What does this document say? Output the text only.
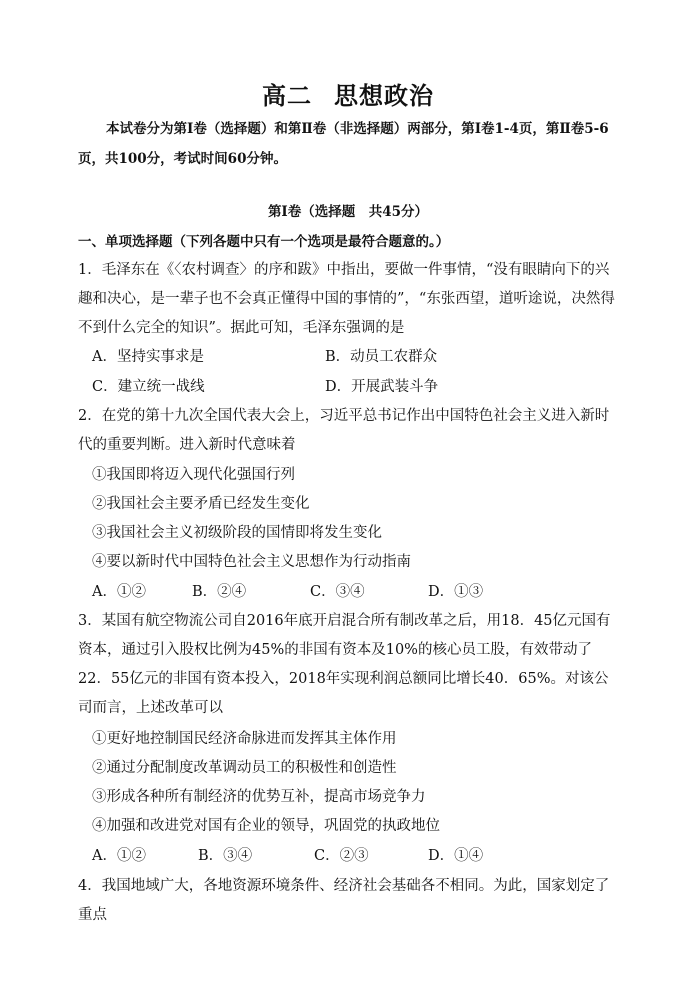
高二 思想政治

本试卷分为第Ⅰ卷（选择题）和第Ⅱ卷（非选择题）两部分，第Ⅰ卷1-4页，第Ⅱ卷5-6页，共100分，考试时间60分钟。

第Ⅰ卷（选择题　共45分）

一、单项选择题（下列各题中只有一个选项是最符合题意的。）

1．毛泽东在《〈农村调查〉的序和跋》中指出，要做一件事情，“没有眼睛向下的兴趣和决心，是一辈子也不会真正懂得中国的事情的”，“东张西望，道听途说，决然得不到什么完全的知识”。据此可知，毛泽东强调的是

A．坚持实事求是	B．动员工农群众

C．建立统一战线	D．开展武装斗争

2．在党的第十九次全国代表大会上，习近平总书记作出中国特色社会主义进入新时代的重要判断。进入新时代意味着

①我国即将迈入现代化强国行列

②我国社会主要矛盾已经发生变化

③我国社会主义初级阶段的国情即将发生变化

④要以新时代中国特色社会主义思想作为行动指南

A．①②	B．②④	C．③④	D．①③

3．某国有航空物流公司自2016年底开启混合所有制改革之后，用18．45亿元国有资本，通过引入股权比例为45%的非国有资本及10%的核心员工股，有效带动了22．55亿元的非国有资本投入，2018年实现利润总额同比增长40．65%。对该公司而言，上述改革可以

①更好地控制国民经济命脉进而发挥其主体作用

②通过分配制度改革调动员工的积极性和创造性

③形成各种所有制经济的优势互补，提高市场竞争力

④加强和改进党对国有企业的领导，巩固党的执政地位

A．①②	B．③④	C．②③	D．①④

4．我国地域广大，各地资源环境条件、经济社会基础各不相同。为此，国家划定了重点
